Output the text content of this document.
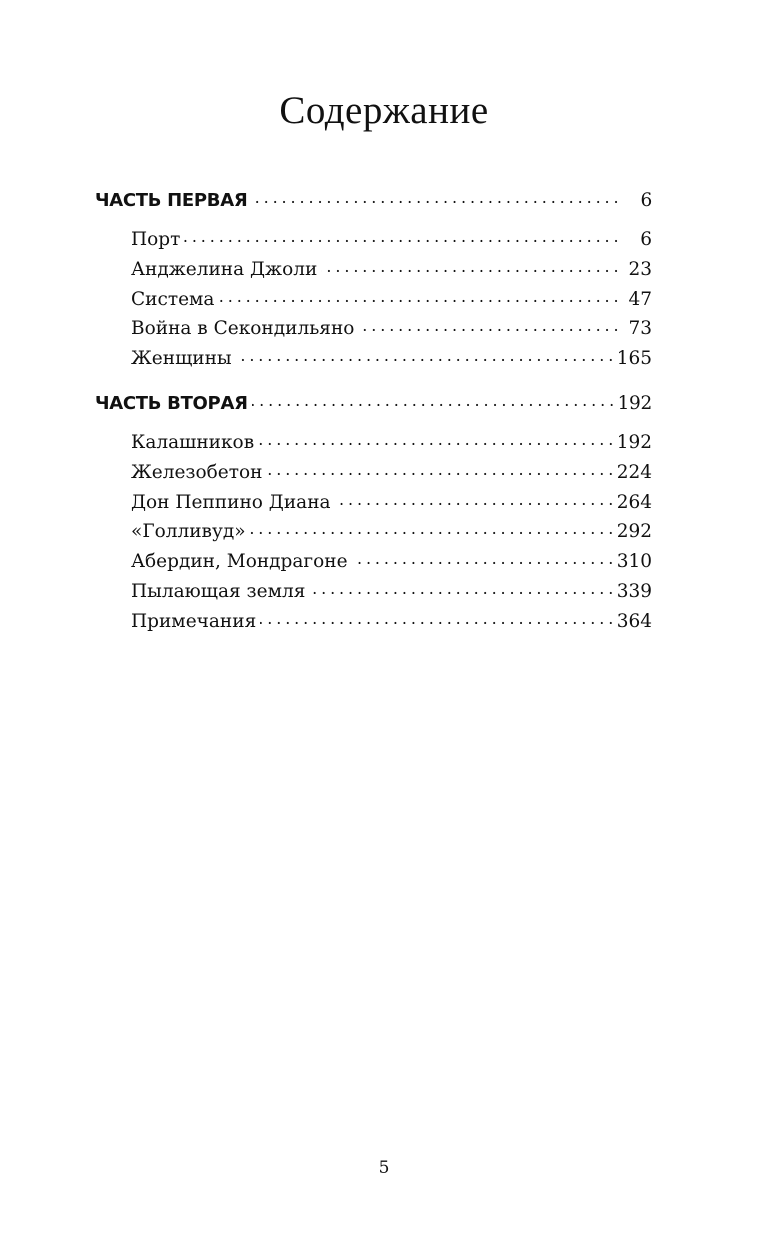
Содержание
ЧАСТЬ ПЕРВАЯ . . .	6
Порт . . .	6
Анджелина Джоли . . .	23
Система . . .	47
Война в Секондильяно . . .	73
Женщины . . .	165
ЧАСТЬ ВТОРАЯ . . .	192
Калашников . . .	192
Железобетон . . .	224
Дон Пеппино Диана . . .	264
«Голливуд» . . .	292
Абердин, Мондрагоне . . .	310
Пылающая земля . . .	339
Примечания . . .	364
5
